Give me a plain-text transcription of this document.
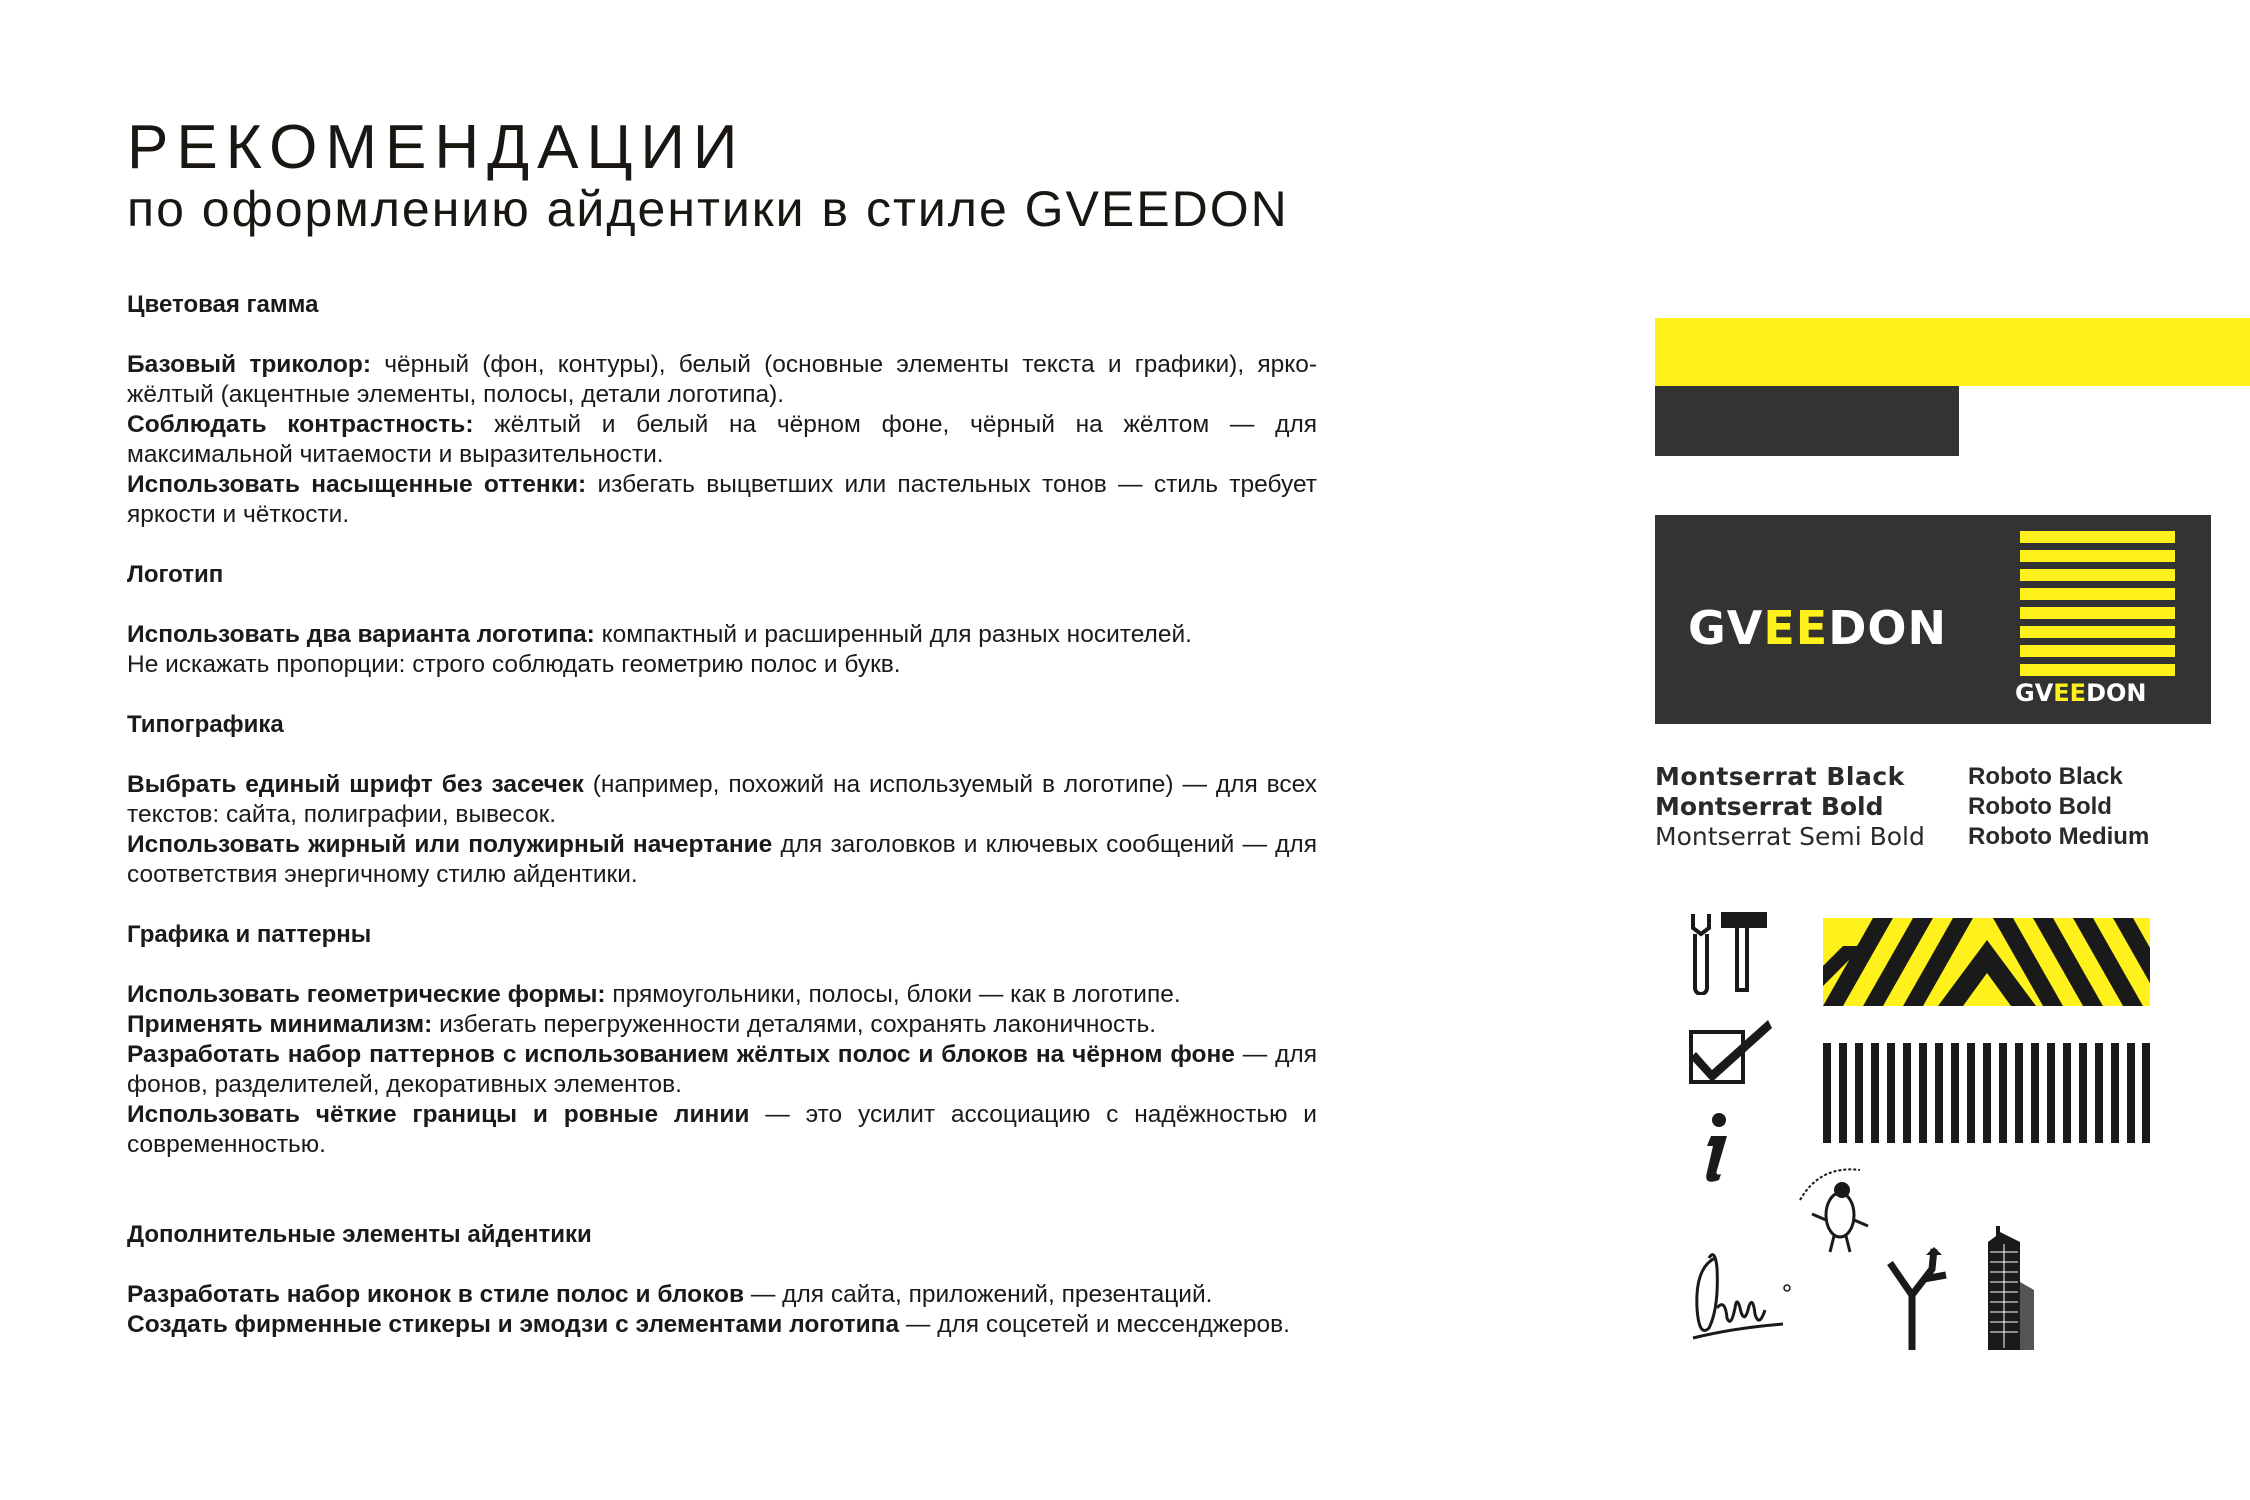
РЕКОМЕНДАЦИИ
по оформлению айдентики в стиле GVEEDON
Цветовая гамма

Базовый триколор: чёрный (фон, контуры), белый (основные элементы текста и графики), ярко-жёлтый (акцентные элементы, полосы, детали логотипа).

Соблюдать контрастность: жёлтый и белый на чёрном фоне, чёрный на жёлтом — для максимальной читаемости и выразительности.

Использовать насыщенные оттенки: избегать выцветших или пастельных тонов — стиль требует яркости и чёткости.

Логотип

Использовать два варианта логотипа: компактный и расширенный для разных носителей.

Не искажать пропорции: строго соблюдать геометрию полос и букв.

Типографика

Выбрать единый шрифт без засечек (например, похожий на используемый в логотипе) — для всех текстов: сайта, полиграфии, вывесок.

Использовать жирный или полужирный начертание для заголовков и ключевых сообщений — для соответствия энергичному стилю айдентики.

Графика и паттерны

Использовать геометрические формы: прямоугольники, полосы, блоки — как в логотипе.

Применять минимализм: избегать перегруженности деталями, сохранять лаконичность.

Разработать набор паттернов с использованием жёлтых полос и блоков на чёрном фоне — для фонов, разделителей, декоративных элементов.

Использовать чёткие границы и ровные линии — это усилит ассоциацию с надёжностью и современностью.

Дополнительные элементы айдентики

Разработать набор иконок в стиле полос и блоков — для сайта, приложений, презентаций.

Создать фирменные стикеры и эмодзи с элементами логотипа — для соцсетей и мессенджеров.

GVEEDON
GVEEDON
Montserrat Black
Montserrat Bold
Montserrat Semi Bold
Roboto Black
Roboto Bold
Roboto Medium
